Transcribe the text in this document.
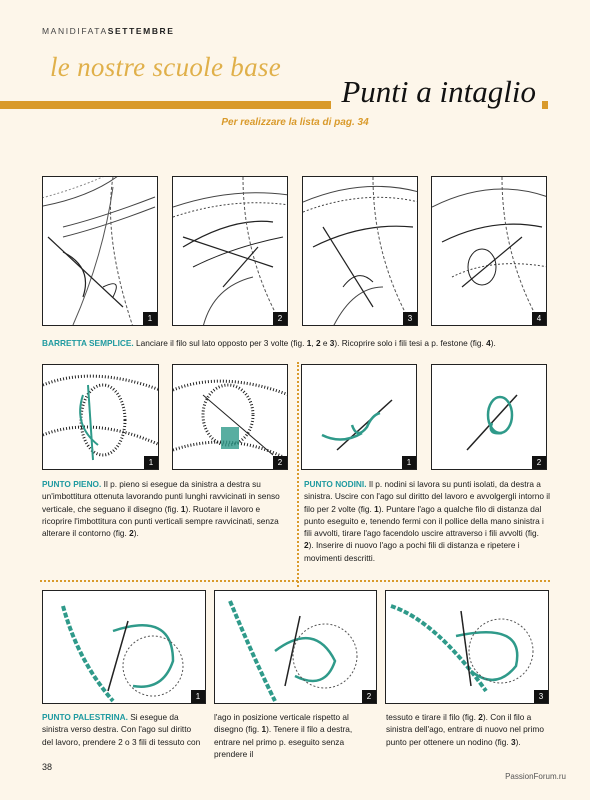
MANIDIFATASETTEMBRE
le nostre scuole base
Punti a intaglio
Per realizzare la lista di pag. 34
1	2	3	4
BARRETTA SEMPLICE. Lanciare il filo sul lato opposto per 3 volte (fig. 1, 2 e 3). Ricoprire solo i fili tesi a p. festone (fig. 4).
1	2
PUNTO PIENO. Il p. pieno si esegue da sinistra a destra su un'imbottitura ottenuta lavorando punti lunghi ravvicinati in senso verticale, che seguano il disegno (fig. 1). Ruotare il lavoro e ricoprire l'imbottitura con punti verticali sempre ravvicinati, senza alterare il contorno (fig. 2).
1	2
PUNTO NODINI. Il p. nodini si lavora su punti isolati, da destra a sinistra. Uscire con l'ago sul diritto del lavoro e avvolgergli intorno il filo per 2 volte (fig. 1). Puntare l'ago a qualche filo di distanza dal punto eseguito e, tenendo fermi con il pollice della mano sinistra i fili avvolti, tirare l'ago facendolo uscire attraverso i fili avvolti (fig. 2). Inserire di nuovo l'ago a pochi fili di distanza e ripetere i movimenti descritti.
1	2	3
PUNTO PALESTRINA. Si esegue da sinistra verso destra. Con l'ago sul diritto del lavoro, prendere 2 o 3 fili di tessuto con
l'ago in posizione verticale rispetto al disegno (fig. 1). Tenere il filo a destra, entrare nel primo p. eseguito senza prendere il
tessuto e tirare il filo (fig. 2). Con il filo a sinistra dell'ago, entrare di nuovo nel primo punto per ottenere un nodino (fig. 3).
38
PassionForum.ru
